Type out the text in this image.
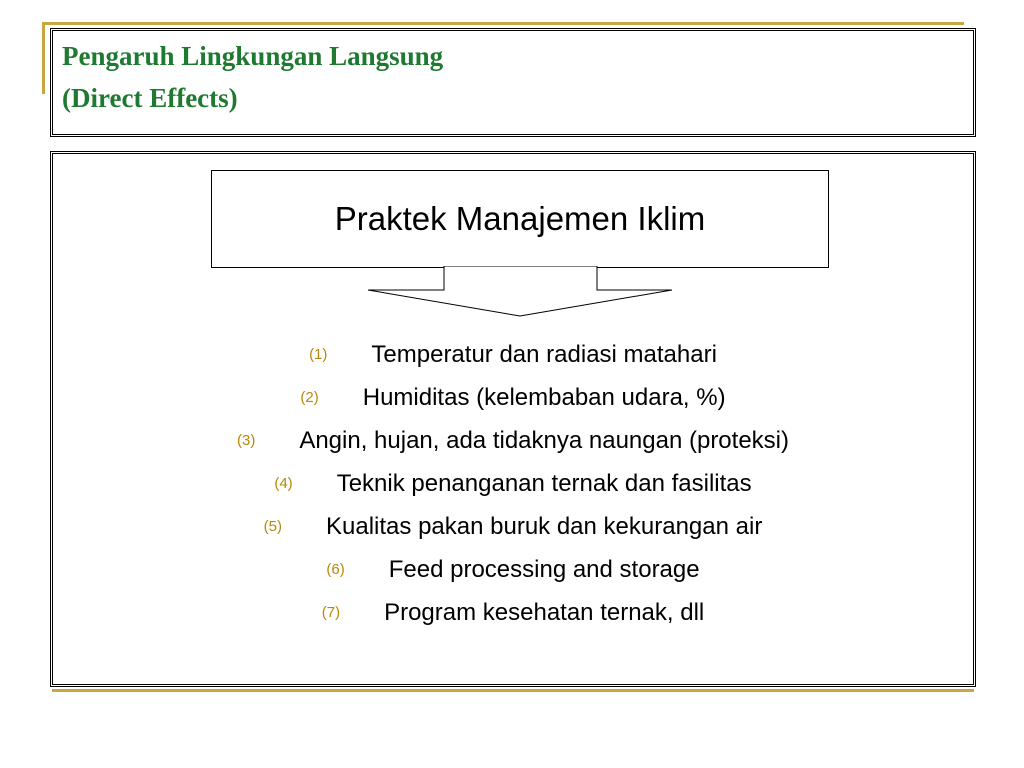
Pengaruh Lingkungan Langsung
(Direct Effects)
Praktek Manajemen Iklim
(1) Temperatur dan radiasi matahari
(2) Humiditas (kelembaban udara, %)
(3) Angin, hujan, ada tidaknya naungan (proteksi)
(4) Teknik penanganan ternak dan fasilitas
(5) Kualitas pakan buruk dan kekurangan air
(6) Feed processing and storage
(7) Program kesehatan ternak, dll
